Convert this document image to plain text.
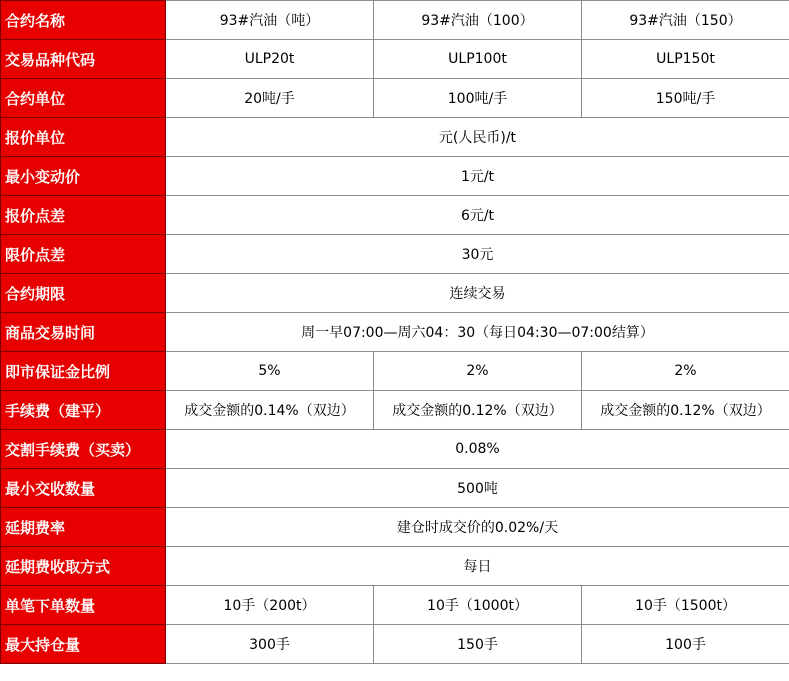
合约名称	93#汽油（吨）	93#汽油（100）	93#汽油（150）
交易品种代码	ULP20t	ULP100t	ULP150t
合约单位	20吨/手	100吨/手	150吨/手
报价单位	元(人民币)/t		
最小变动价	1元/t		
报价点差	6元/t		
限价点差	30元		
合约期限	连续交易		
商品交易时间	周一早07:00—周六04：30（每日04:30—07:00结算）		
即市保证金比例	5%	2%	2%
手续费（建平）	成交金额的0.14%（双边）	成交金额的0.12%（双边）	成交金额的0.12%（双边）
交割手续费（买卖）	0.08%		
最小交收数量	500吨		
延期费率	建仓时成交价的0.02%/天		
延期费收取方式	每日		
单笔下单数量	10手（200t）	10手（1000t）	10手（1500t）
最大持仓量	300手	150手	100手
